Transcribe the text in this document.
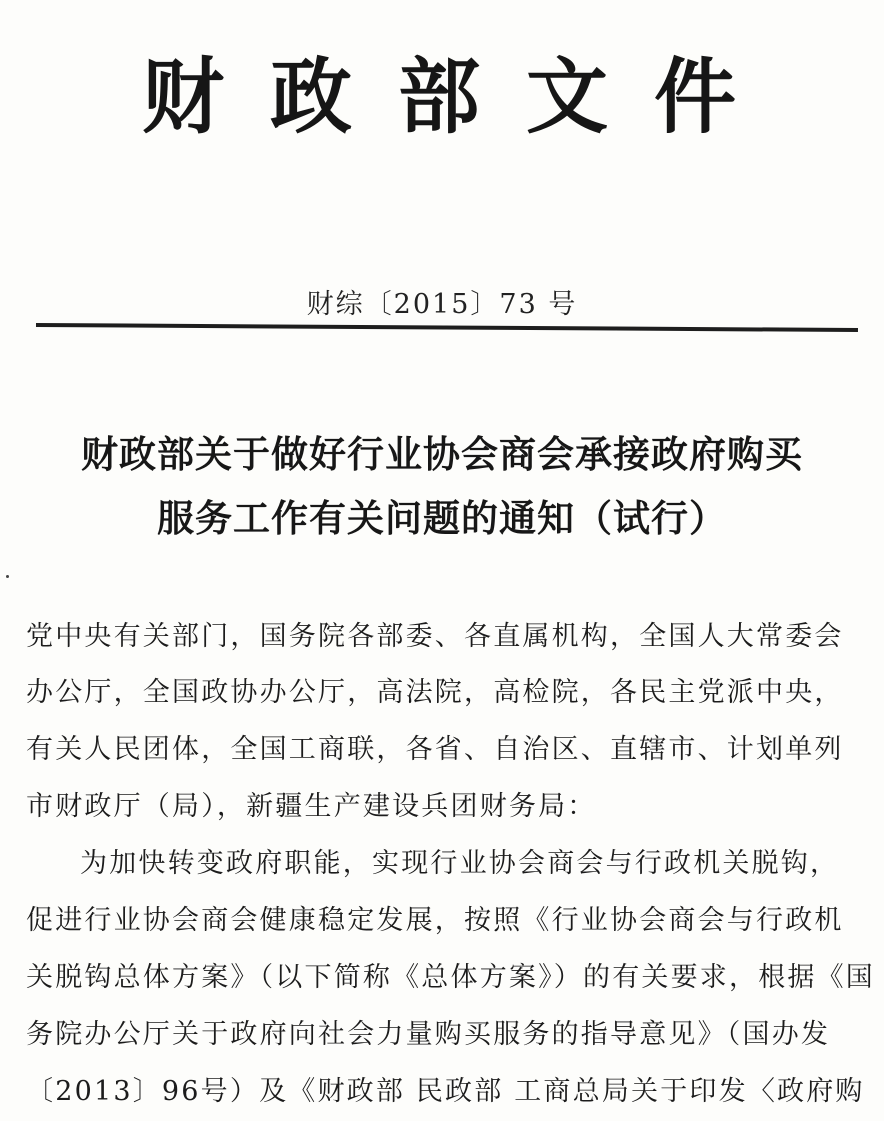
财政部文件
财综〔2015〕73 号
财政部关于做好行业协会商会承接政府购买
服务工作有关问题的通知（试行）
党中央有关部门，国务院各部委、各直属机构，全国人大常委会
办公厅，全国政协办公厅，高法院，高检院，各民主党派中央，
有关人民团体，全国工商联，各省、自治区、直辖市、计划单列
市财政厅（局），新疆生产建设兵团财务局：
为加快转变政府职能，实现行业协会商会与行政机关脱钩，
促进行业协会商会健康稳定发展，按照《行业协会商会与行政机
关脱钩总体方案》（以下简称《总体方案》）的有关要求，根据《国
务院办公厅关于政府向社会力量购买服务的指导意见》（国办发
〔2013〕96号）及《财政部 民政部 工商总局关于印发〈政府购
